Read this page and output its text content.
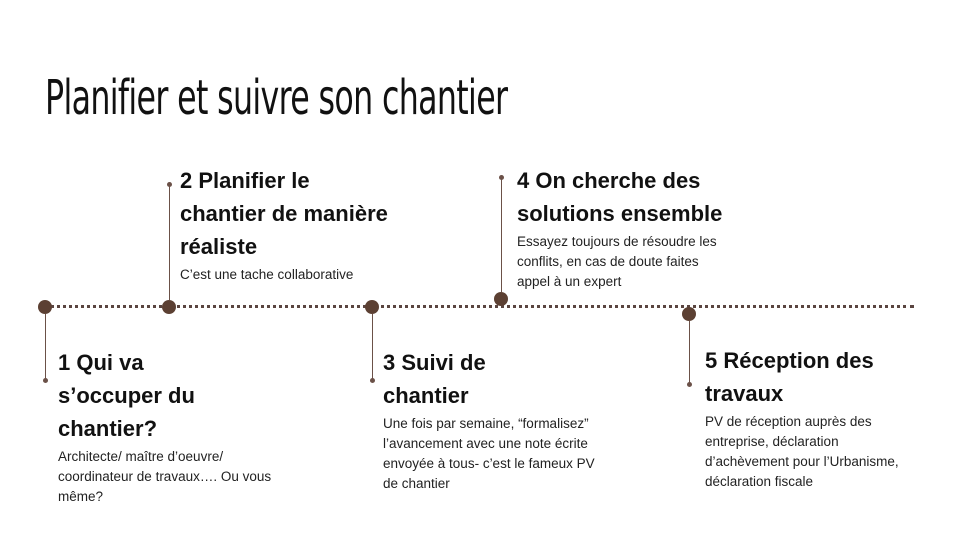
Planifier et suivre son chantier
1 Qui va s’occuper du chantier?

Architecte/ maître d’oeuvre/ coordinateur de travaux…. Ou vous même?

2 Planifier le chantier de manière réaliste

C’est une tache collaborative

3 Suivi de chantier

Une fois par semaine, “formalisez” l’avancement avec une note écrite envoyée à tous- c’est le fameux PV de chantier

4 On cherche des solutions ensemble

Essayez toujours de résoudre les conflits, en cas de doute faites appel à un expert

5 Réception des travaux

PV de réception auprès des entreprise, déclaration d’achèvement pour l’Urbanisme, déclaration fiscale
